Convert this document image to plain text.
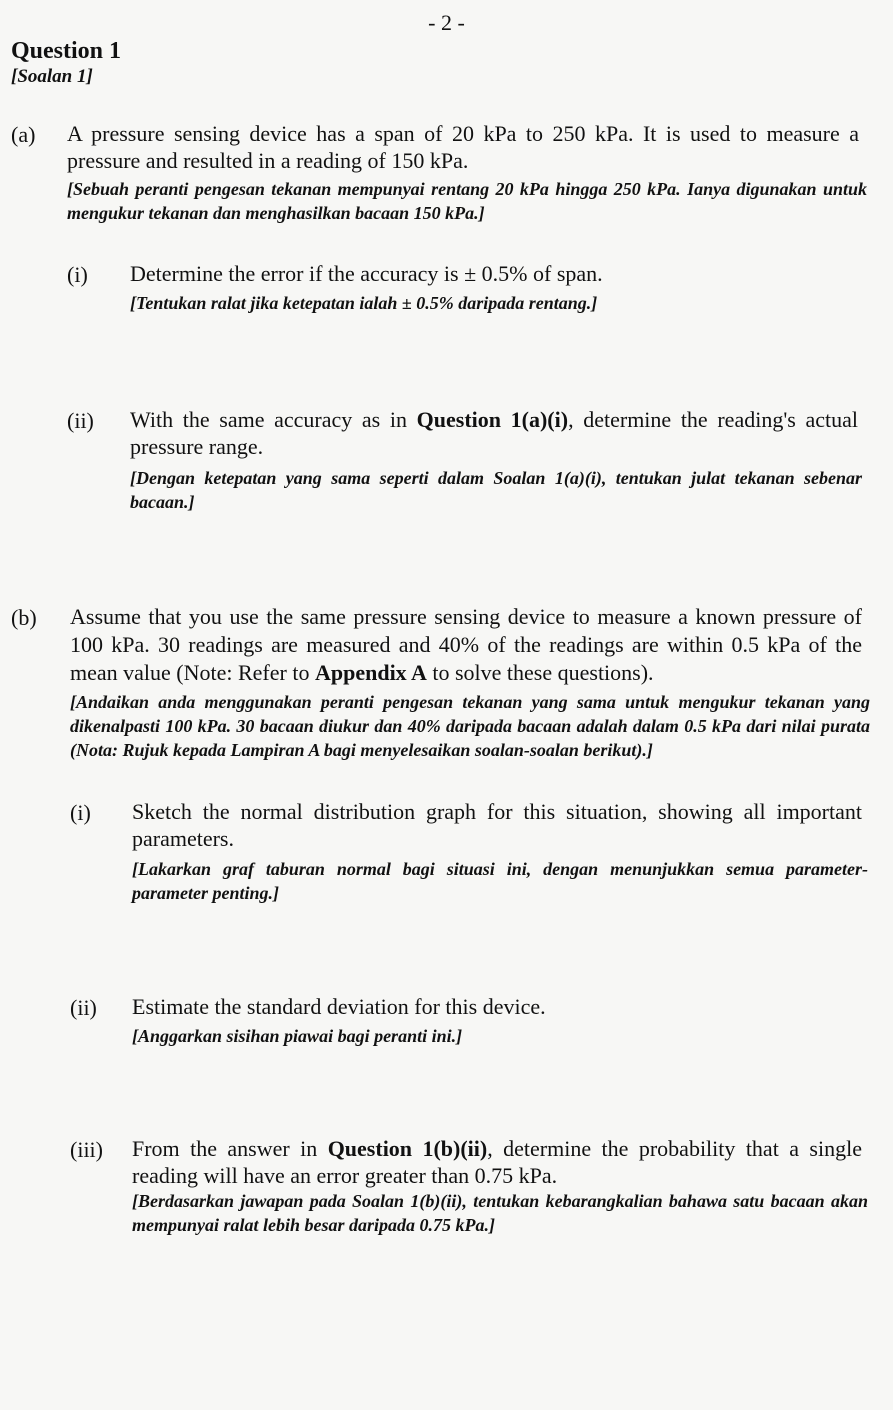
- 2 -
Question 1
[Soalan 1]
(a) A pressure sensing device has a span of 20 kPa to 250 kPa. It is used to measure a pressure and resulted in a reading of 150 kPa.
[Sebuah peranti pengesan tekanan mempunyai rentang 20 kPa hingga 250 kPa. Ianya digunakan untuk mengukur tekanan dan menghasilkan bacaan 150 kPa.]
(i) Determine the error if the accuracy is ± 0.5% of span.
[Tentukan ralat jika ketepatan ialah ± 0.5% daripada rentang.]
(ii) With the same accuracy as in Question 1(a)(i), determine the reading's actual pressure range.
[Dengan ketepatan yang sama seperti dalam Soalan 1(a)(i), tentukan julat tekanan sebenar bacaan.]
(b) Assume that you use the same pressure sensing device to measure a known pressure of 100 kPa. 30 readings are measured and 40% of the readings are within 0.5 kPa of the mean value (Note: Refer to Appendix A to solve these questions).
[Andaikan anda menggunakan peranti pengesan tekanan yang sama untuk mengukur tekanan yang dikenalpasti 100 kPa. 30 bacaan diukur dan 40% daripada bacaan adalah dalam 0.5 kPa dari nilai purata (Nota: Rujuk kepada Lampiran A bagi menyelesaikan soalan-soalan berikut).]
(i) Sketch the normal distribution graph for this situation, showing all important parameters.
[Lakarkan graf taburan normal bagi situasi ini, dengan menunjukkan semua parameter-parameter penting.]
(ii) Estimate the standard deviation for this device.
[Anggarkan sisihan piawai bagi peranti ini.]
(iii) From the answer in Question 1(b)(ii), determine the probability that a single reading will have an error greater than 0.75 kPa.
[Berdasarkan jawapan pada Soalan 1(b)(ii), tentukan kebarangkalian bahawa satu bacaan akan mempunyai ralat lebih besar daripada 0.75 kPa.]
